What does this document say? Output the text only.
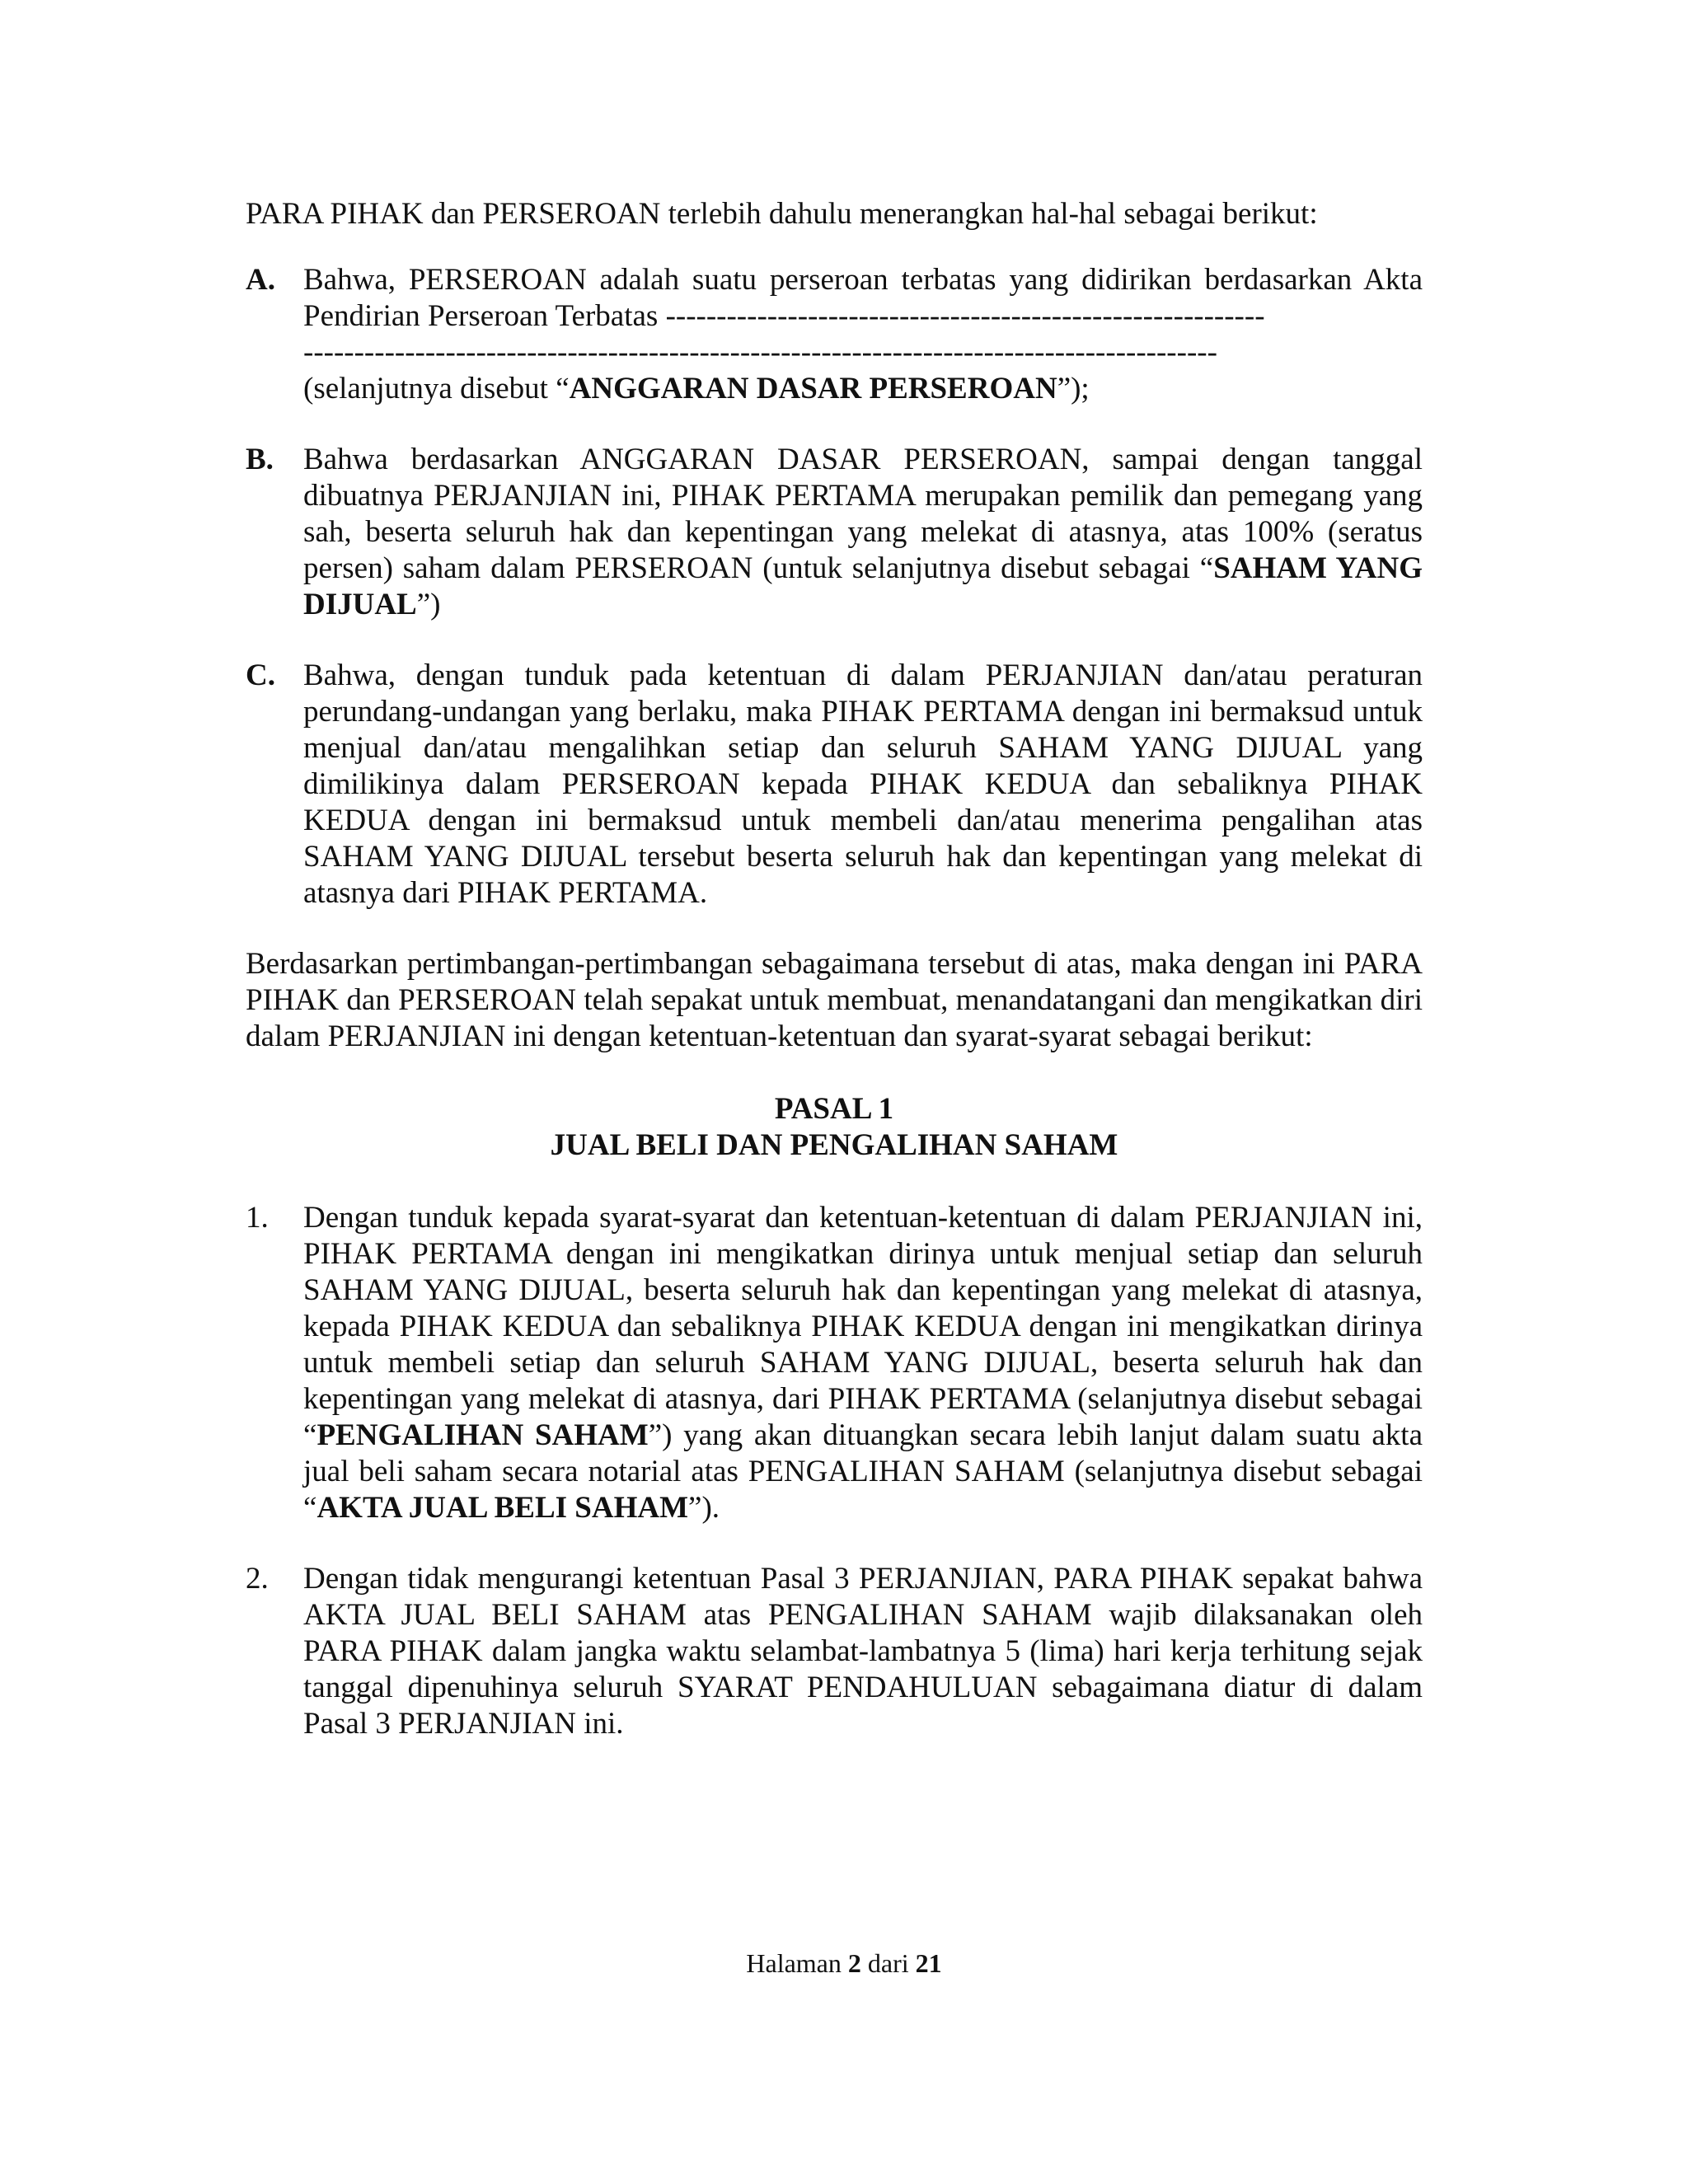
PARA PIHAK dan PERSEROAN terlebih dahulu menerangkan hal-hal sebagai berikut:

A. Bahwa, PERSEROAN adalah suatu perseroan terbatas yang didirikan berdasarkan Akta Pendirian Perseroan Terbatas -----------------------------------------------------------

------------------------------------------------------------------------------------------

(selanjutnya disebut “ANGGARAN DASAR PERSEROAN”);

B. Bahwa berdasarkan ANGGARAN DASAR PERSEROAN, sampai dengan tanggal dibuatnya PERJANJIAN ini, PIHAK PERTAMA merupakan pemilik dan pemegang yang sah, beserta seluruh hak dan kepentingan yang melekat di atasnya, atas 100% (seratus persen) saham dalam PERSEROAN (untuk selanjutnya disebut sebagai “SAHAM YANG DIJUAL”)

C. Bahwa, dengan tunduk pada ketentuan di dalam PERJANJIAN dan/atau peraturan perundang-undangan yang berlaku, maka PIHAK PERTAMA dengan ini bermaksud untuk menjual dan/atau mengalihkan setiap dan seluruh SAHAM YANG DIJUAL yang dimilikinya dalam PERSEROAN kepada PIHAK KEDUA dan sebaliknya PIHAK KEDUA dengan ini bermaksud untuk membeli dan/atau menerima pengalihan atas SAHAM YANG DIJUAL tersebut beserta seluruh hak dan kepentingan yang melekat di atasnya dari PIHAK PERTAMA.

Berdasarkan pertimbangan-pertimbangan sebagaimana tersebut di atas, maka dengan ini PARA PIHAK dan PERSEROAN telah sepakat untuk membuat, menandatangani dan mengikatkan diri dalam PERJANJIAN ini dengan ketentuan-ketentuan dan syarat-syarat sebagai berikut:

PASAL 1
JUAL BELI DAN PENGALIHAN SAHAM
1.	Dengan tunduk kepada syarat-syarat dan ketentuan-ketentuan di dalam PERJANJIAN ini, PIHAK PERTAMA dengan ini mengikatkan dirinya untuk menjual setiap dan seluruh SAHAM YANG DIJUAL, beserta seluruh hak dan kepentingan yang melekat di atasnya, kepada PIHAK KEDUA dan sebaliknya PIHAK KEDUA dengan ini mengikatkan dirinya untuk membeli setiap dan seluruh SAHAM YANG DIJUAL, beserta seluruh hak dan kepentingan yang melekat di atasnya, dari PIHAK PERTAMA (selanjutnya disebut sebagai “PENGALIHAN SAHAM”) yang akan dituangkan secara lebih lanjut dalam suatu akta jual beli saham secara notarial atas PENGALIHAN SAHAM (selanjutnya disebut sebagai “AKTA JUAL BELI SAHAM”).

2.	Dengan tidak mengurangi ketentuan Pasal 3 PERJANJIAN, PARA PIHAK sepakat bahwa AKTA JUAL BELI SAHAM atas PENGALIHAN SAHAM wajib dilaksanakan oleh PARA PIHAK dalam jangka waktu selambat-lambatnya 5 (lima) hari kerja terhitung sejak tanggal dipenuhinya seluruh SYARAT PENDAHULUAN sebagaimana diatur di dalam Pasal 3 PERJANJIAN ini.

Halaman 2 dari 21
